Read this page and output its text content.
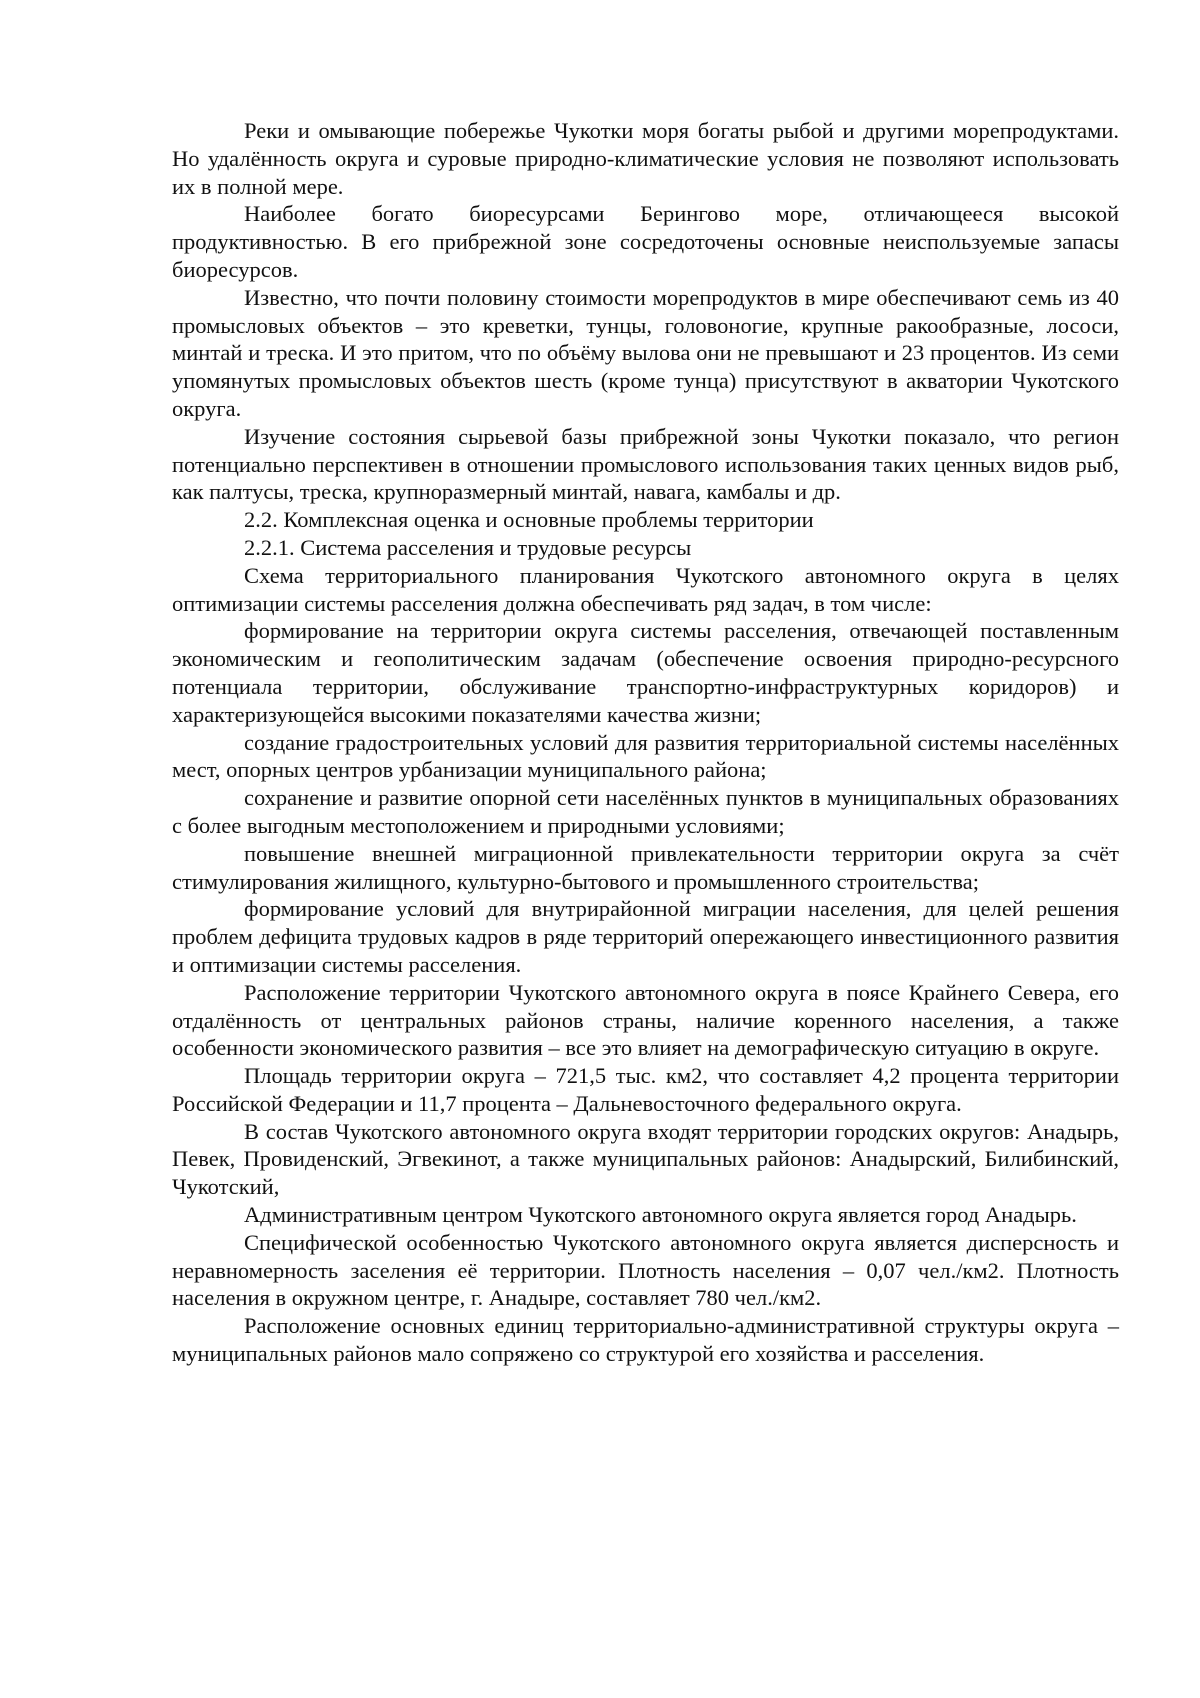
Реки и омывающие побережье Чукотки моря богаты рыбой и другими морепродуктами. Но удалённость округа и суровые природно-климатические условия не позволяют использовать их в полной мере.

Наиболее богато биоресурсами Берингово море, отличающееся высокой продуктивностью. В его прибрежной зоне сосредоточены основные неиспользуемые запасы биоресурсов.

Известно, что почти половину стоимости морепродуктов в мире обеспечивают семь из 40 промысловых объектов – это креветки, тунцы, головоногие, крупные ракообразные, лососи, минтай и треска. И это притом, что по объёму вылова они не превышают и 23 процентов. Из семи упомянутых промысловых объектов шесть (кроме тунца) присутствуют в акватории Чукотского округа.

Изучение состояния сырьевой базы прибрежной зоны Чукотки показало, что регион потенциально перспективен в отношении промыслового использования таких ценных видов рыб, как палтусы, треска, крупноразмерный минтай, навага, камбалы и др.

2.2. Комплексная оценка и основные проблемы территории

2.2.1. Система расселения и трудовые ресурсы

Схема территориального планирования Чукотского автономного округа в целях оптимизации системы расселения должна обеспечивать ряд задач, в том числе:

формирование на территории округа системы расселения, отвечающей поставленным экономическим и геополитическим задачам (обеспечение освоения природно-ресурсного потенциала территории, обслуживание транспортно-инфраструктурных коридоров) и характеризующейся высокими показателями качества жизни;

создание градостроительных условий для развития территориальной системы населённых мест, опорных центров урбанизации муниципального района;

сохранение и развитие опорной сети населённых пунктов в муниципальных образованиях с более выгодным местоположением и природными условиями;

повышение внешней миграционной привлекательности территории округа за счёт стимулирования жилищного, культурно-бытового и промышленного строительства;

формирование условий для внутрирайонной миграции населения, для целей решения проблем дефицита трудовых кадров в ряде территорий опережающего инвестиционного развития и оптимизации системы расселения.

Расположение территории Чукотского автономного округа в поясе Крайнего Севера, его отдалённость от центральных районов страны, наличие коренного населения, а также особенности экономического развития – все это влияет на демографическую ситуацию в округе.

Площадь территории округа – 721,5 тыс. км2, что составляет 4,2 процента территории Российской Федерации и 11,7 процента – Дальневосточного федерального округа.

В состав Чукотского автономного округа входят территории городских округов: Анадырь, Певек, Провиденский, Эгвекинот, а также муниципальных районов: Анадырский, Билибинский, Чукотский,

Административным центром Чукотского автономного округа является город Анадырь.

Специфической особенностью Чукотского автономного округа является дисперсность и неравномерность заселения её территории. Плотность населения – 0,07 чел./км2. Плотность населения в окружном центре, г. Анадыре, составляет 780 чел./км2.

Расположение основных единиц территориально-административной структуры округа – муниципальных районов мало сопряжено со структурой его хозяйства и расселения.
